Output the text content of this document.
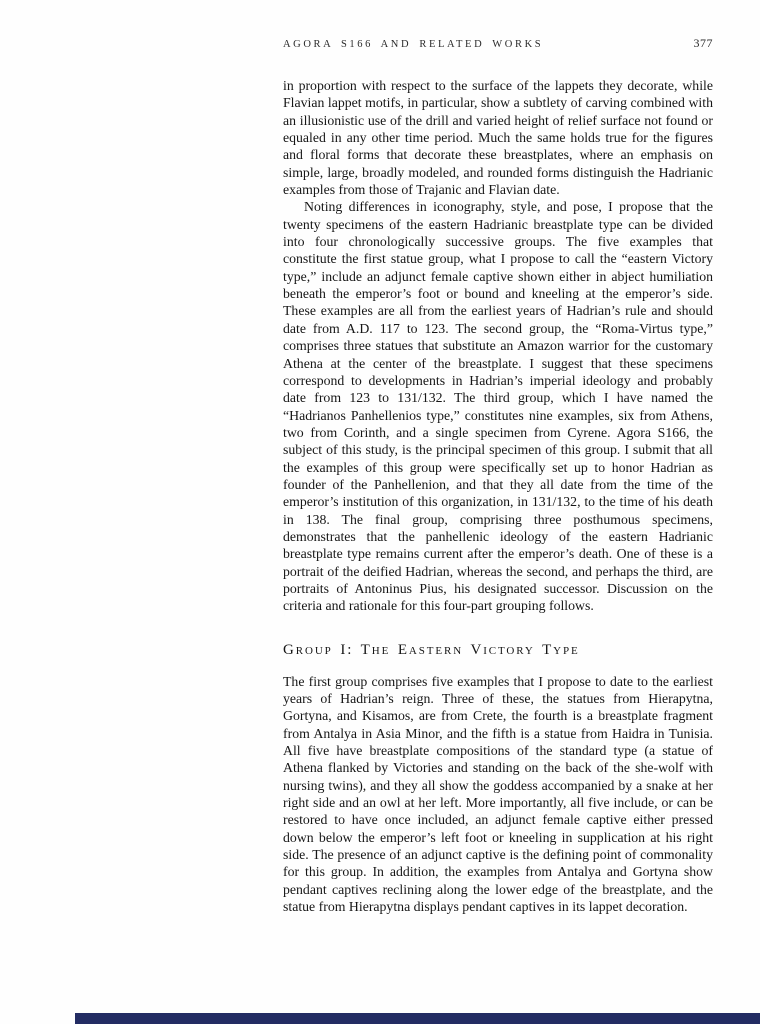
AGORA S166 AND RELATED WORKS	377

in proportion with respect to the surface of the lappets they decorate, while Flavian lappet motifs, in particular, show a subtlety of carving combined with an illusionistic use of the drill and varied height of relief surface not found or equaled in any other time period. Much the same holds true for the figures and floral forms that decorate these breastplates, where an emphasis on simple, large, broadly modeled, and rounded forms distinguish the Hadrianic examples from those of Trajanic and Flavian date.

Noting differences in iconography, style, and pose, I propose that the twenty specimens of the eastern Hadrianic breastplate type can be divided into four chronologically successive groups. The five examples that constitute the first statue group, what I propose to call the “eastern Victory type,” include an adjunct female captive shown either in abject humiliation beneath the emperor’s foot or bound and kneeling at the emperor’s side. These examples are all from the earliest years of Hadrian’s rule and should date from A.D. 117 to 123. The second group, the “Roma-Virtus type,” comprises three statues that substitute an Amazon warrior for the customary Athena at the center of the breastplate. I suggest that these specimens correspond to developments in Hadrian’s imperial ideology and probably date from 123 to 131/132. The third group, which I have named the “Hadrianos Panhellenios type,” constitutes nine examples, six from Athens, two from Corinth, and a single specimen from Cyrene. Agora S166, the subject of this study, is the principal specimen of this group. I submit that all the examples of this group were specifically set up to honor Hadrian as founder of the Panhellenion, and that they all date from the time of the emperor’s institution of this organization, in 131/132, to the time of his death in 138. The final group, comprising three posthumous specimens, demonstrates that the panhellenic ideology of the eastern Hadrianic breastplate type remains current after the emperor’s death. One of these is a portrait of the deified Hadrian, whereas the second, and perhaps the third, are portraits of Antoninus Pius, his designated successor. Discussion on the criteria and rationale for this four-part grouping follows.

Group I: The Eastern Victory Type

The first group comprises five examples that I propose to date to the earliest years of Hadrian’s reign. Three of these, the statues from Hierapytna, Gortyna, and Kisamos, are from Crete, the fourth is a breastplate fragment from Antalya in Asia Minor, and the fifth is a statue from Haidra in Tunisia. All five have breastplate compositions of the standard type (a statue of Athena flanked by Victories and standing on the back of the she-wolf with nursing twins), and they all show the goddess accompanied by a snake at her right side and an owl at her left. More importantly, all five include, or can be restored to have once included, an adjunct female captive either pressed down below the emperor’s left foot or kneeling in supplication at his right side. The presence of an adjunct captive is the defining point of commonality for this group. In addition, the examples from Antalya and Gortyna show pendant captives reclining along the lower edge of the breastplate, and the statue from Hierapytna displays pendant captives in its lappet decoration.
